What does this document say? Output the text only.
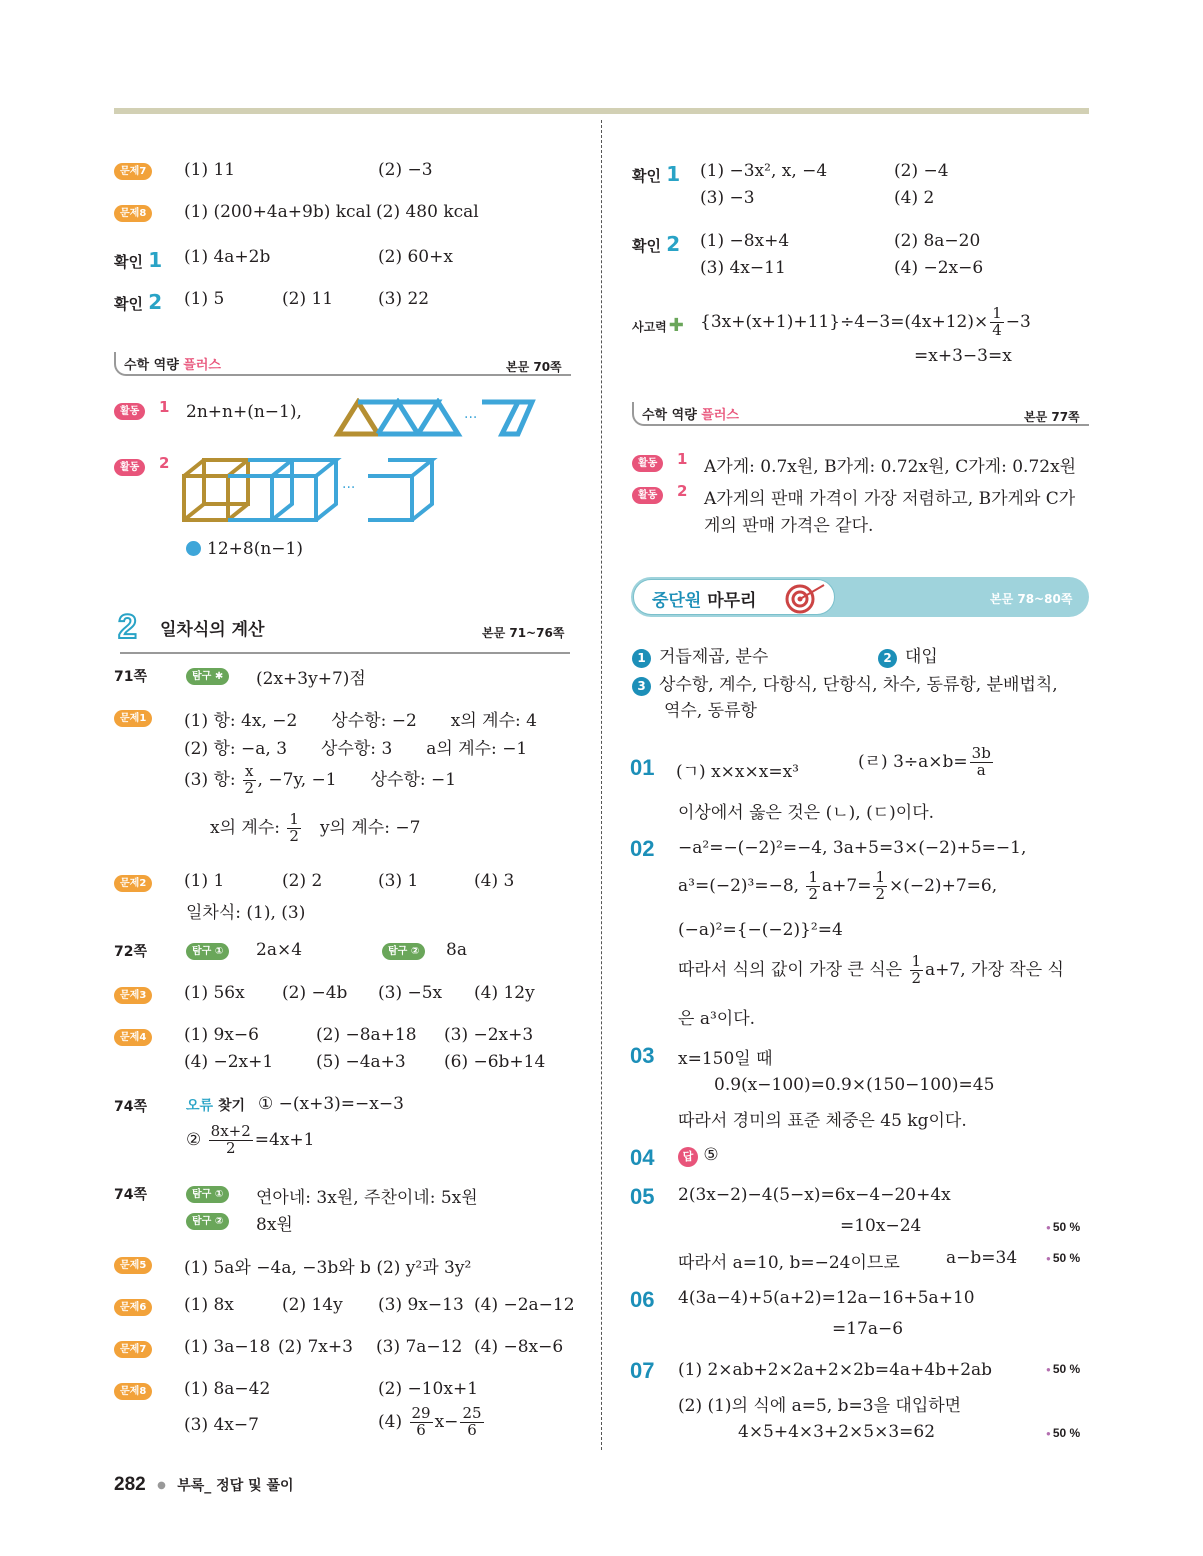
문제7	(1) 11	(2) −3
문제8	(1) (200+4a+9b) kcal (2) 480 kcal
확인 1 (1) 4a+2b	(2) 60+x
확인 2 (1) 5	(2) 11	(3) 22
수학 역량 플러스	본문 70쪽
활동	1 2n+n+(n−1),	···
활동	2
···
12+8(n−1)
2 일차식의 계산	본문 71~76쪽
71쪽	탐구 ✱	(2x+3y+7)점
문제1	(1) 항: 4x, −2　　상수항: −2　　x의 계수: 4
(2) 항: −a, 3　　상수항: 3　　a의 계수: −1
(3) 항: $\frac{x}{2}$ , −7y, −1　　상수항: −1
x의 계수: $\frac{1}{2}$
　 y의 계수: −7
문제2	(1) 1	(2) 2	(3) 1	(4) 3
일차식: (1), (3)
72쪽	탐구 ①	2a×4	탐구 ②	8a
문제3	(1) 56x (2) −4b (3) −5x (4) 12y
문제4	(1) 9x−6	(2) −8a+18 (3) −2x+3
(4) −2x+1	(5) −4a+3 (6) −6b+14
74쪽	오류 찾기 ① −(x+3)=−x−3
② $\frac{8x+2}{2} =4x+1$
74쪽	탐구 ①	연아네: 3x원, 주찬이네: 5x원
탐구 ②	8x원
문제5	(1) 5a와 −4a, −3b와 b (2) y²과 3y²
문제6	(1) 8x	(2) 14y (3) 9x−13 (4) −2a−12
문제7	(1) 3a−18 (2) 7x+3 (3) 7a−12 (4) −8x−6
문제8	(1) 8a−42	(2) −10x+1
(3) 4x−7	$(4) \frac{29}{6} x- \frac{25}{6}$
확인 1 (1) −3x², x, −4	(2) −4
(3) −3	(4) 2
확인 2 (1) −8x+4	(2) 8a−20
(3) 4x−11	(4) −2x−6
사고력 ✚ $\{3x+(x+1)+11\}\div 4-3=(4x+12)\times \frac{1}{4} -3$
=x+3−3=x
수학 역량 플러스	본문 77쪽
활동	1 A가게: 0.7x원, B가게: 0.72x원, C가게: 0.72x원
활동	2 A가게의 판매 가격이 가장 저렴하고, B가게와 C가
게의 판매 가격은 같다.
중단원 마무리	본문 78~80쪽
1 거듭제곱, 분수	2 대입
3 상수항, 계수, 다항식, 단항식, 차수, 동류항, 분배법칙,
역수, 동류항
01 (ㄱ) x×x×x=x³
(ㄹ) $3\div a\times b= \frac{3b}{a}$
이상에서 옳은 것은 (ㄴ), (ㄷ)이다.
02 −a²=−(−2)²=−4, 3a+5=3×(−2)+5=−1,
a³=(−2)³=−8, $\frac{1}{2} a+7= \frac{1}{2} \times(-2)+7=6$,
(−a)²={−(−2)}²=4
따라서 식의 값이 가장 큰 식은 $\frac{1}{2} a+7$, 가장 작은 식
은 a³이다.
03 x=150일 때
0.9(x−100)=0.9×(150−100)=45
따라서 경미의 표준 체중은 45 kg이다.
04	답 ⑤
05 2(3x−2)−4(5−x)=6x−4−20+4x
=10x−24	● 50 %
따라서 a=10, b=−24이므로	a−b=34	● 50 %
06 4(3a−4)+5(a+2)=12a−16+5a+10
=17a−6
07 (1) 2×ab+2×2a+2×2b=4a+4b+2ab	● 50 %
(2) (1)의 식에 a=5, b=3을 대입하면
4×5+4×3+2×5×3=62	● 50 %
282 ● 부록_ 정답 및 풀이
